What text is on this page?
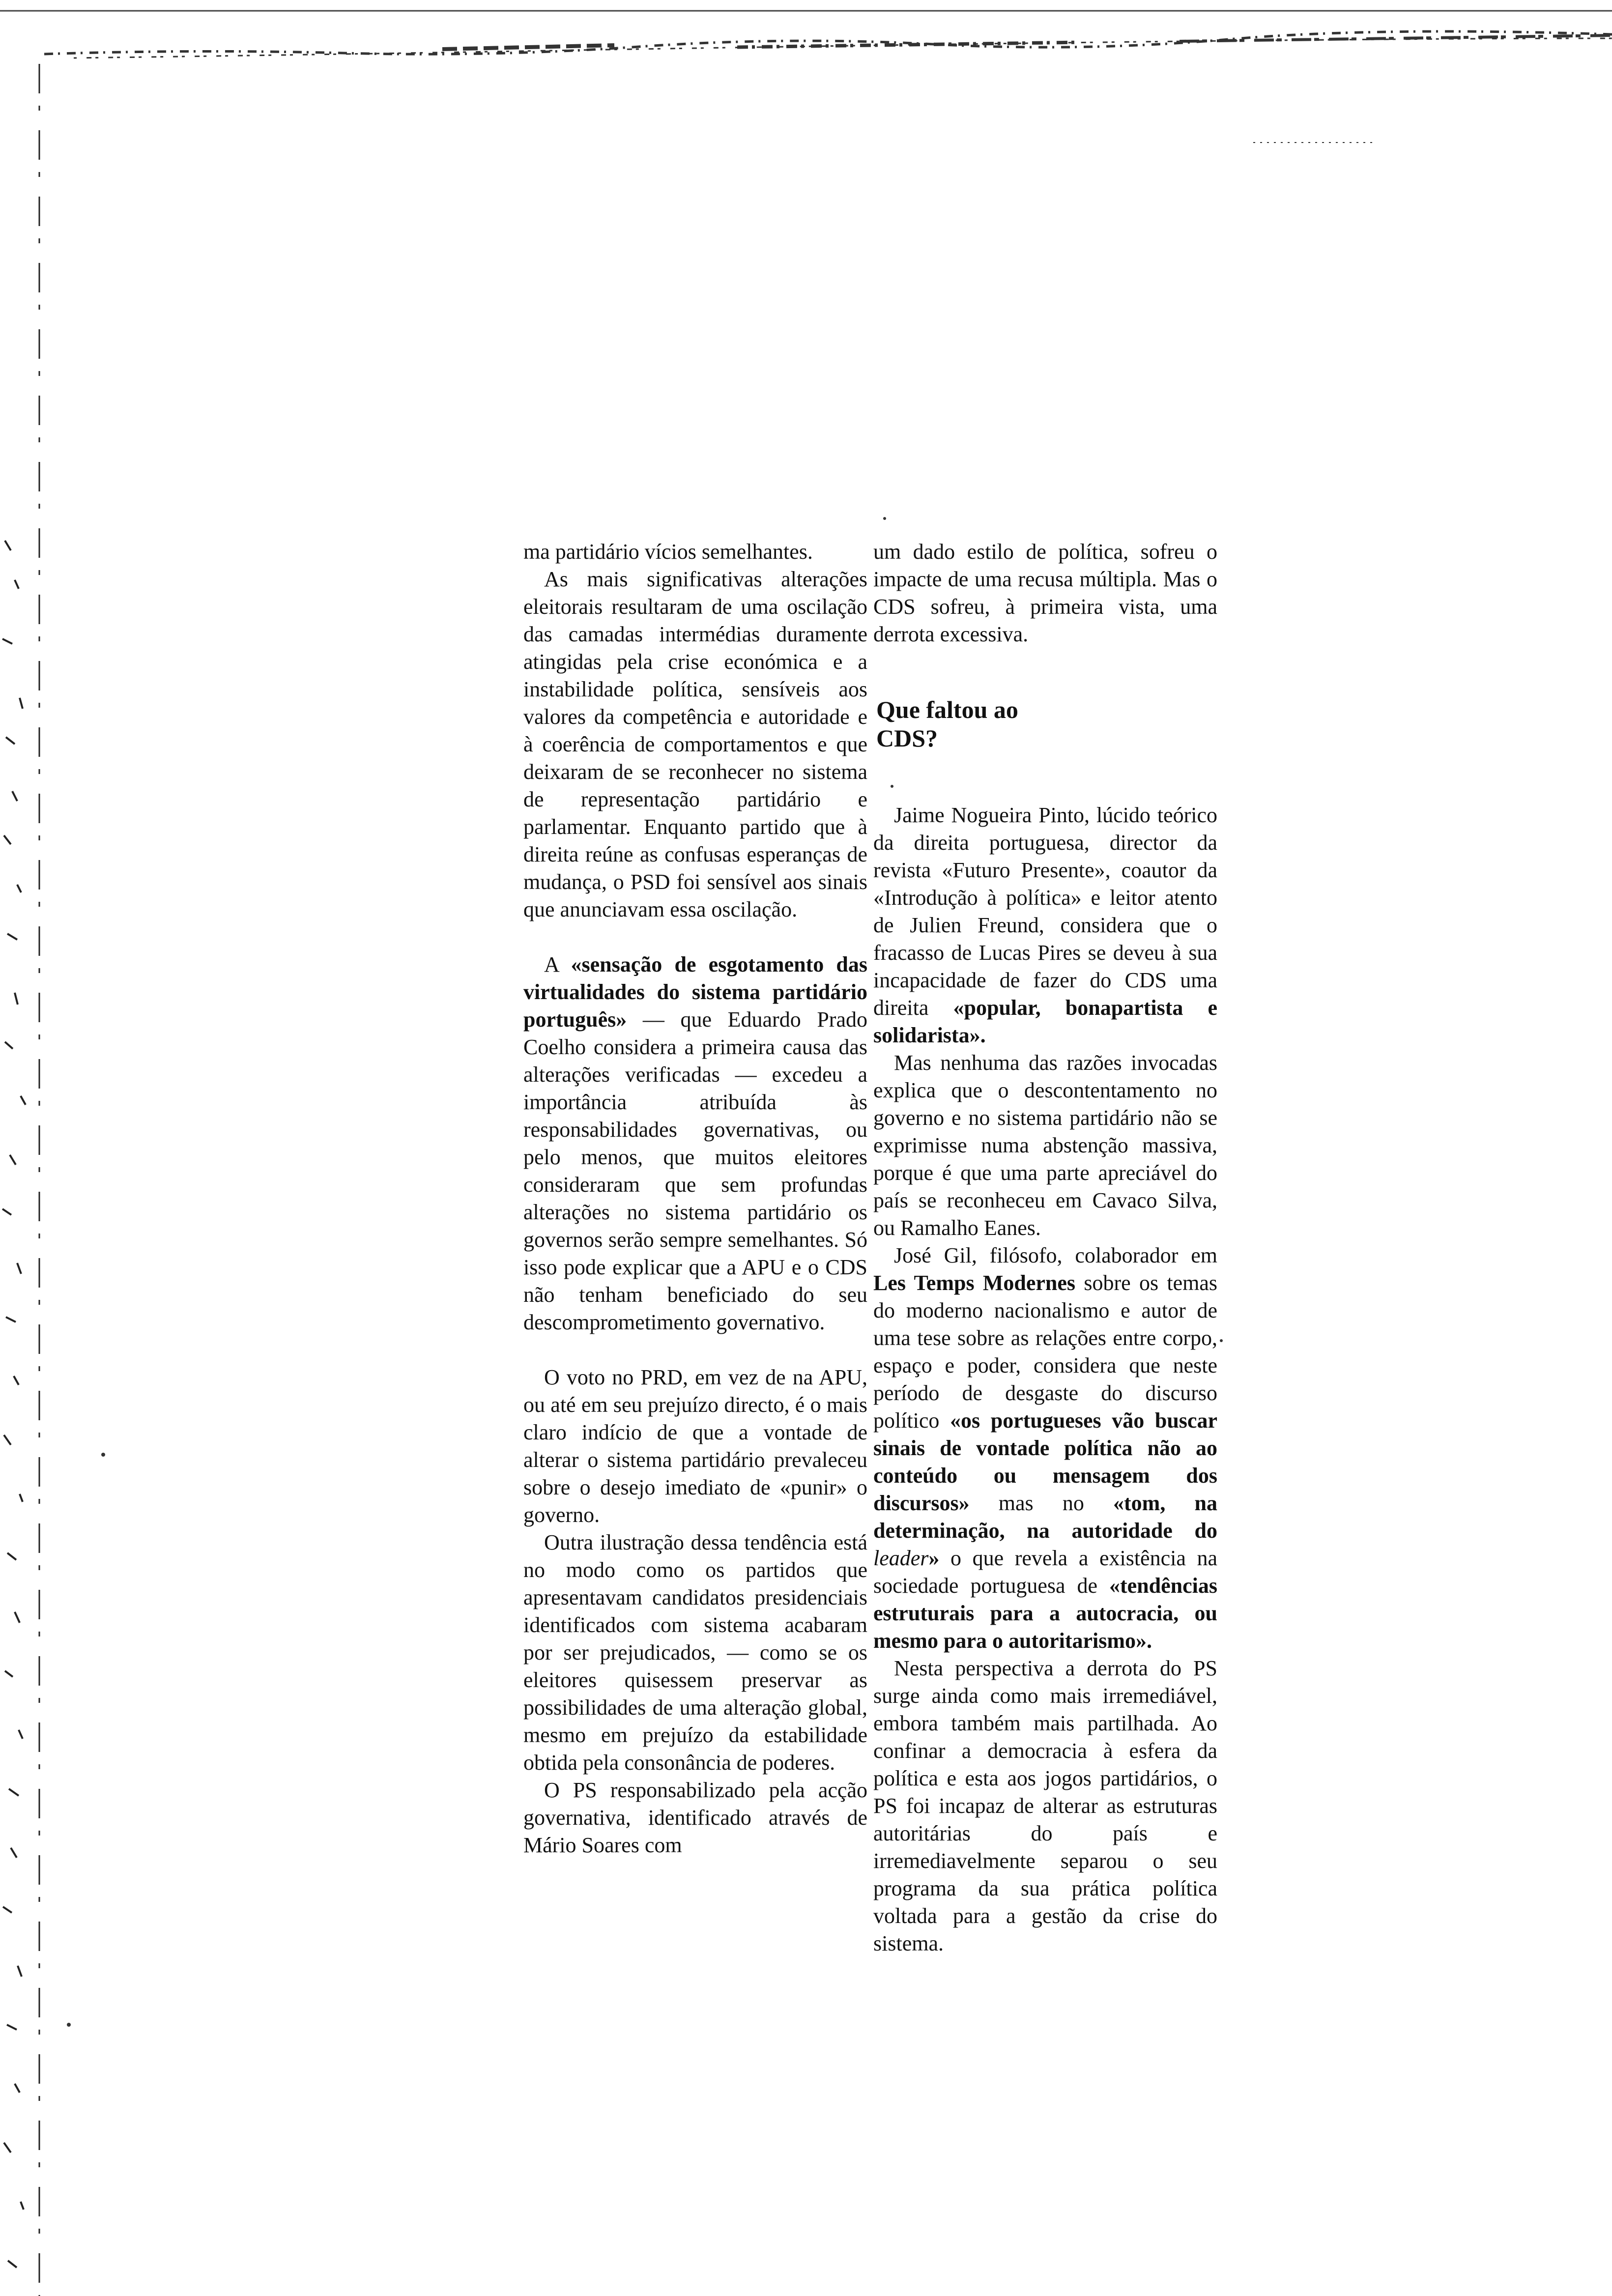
ma partidário vícios semelhantes.

As mais significativas alterações eleitorais resultaram de uma oscilação das camadas intermédias duramente atingidas pela crise económica e a instabilidade política, sensíveis aos valores da competência e autoridade e à coerência de comportamentos e que deixaram de se reconhecer no sistema de representação partidário e parlamentar. Enquanto partido que à direita reúne as confusas esperanças de mudança, o PSD foi sensível aos sinais que anunciavam essa oscilação.

A «sensação de esgotamento das virtualidades do sistema partidário português» — que Eduardo Prado Coelho considera a primeira causa das alterações verificadas — excedeu a importância atribuída às responsabilidades governativas, ou pelo menos, que muitos eleitores consideraram que sem profundas alterações no sistema partidário os governos serão sempre semelhantes. Só isso pode explicar que a APU e o CDS não tenham beneficiado do seu descomprometimento governativo.

O voto no PRD, em vez de na APU, ou até em seu prejuízo directo, é o mais claro indício de que a vontade de alterar o sistema partidário prevaleceu sobre o desejo imediato de «punir» o governo.

Outra ilustração dessa tendência está no modo como os partidos que apresentavam candidatos presidenciais identificados com sistema acabaram por ser prejudicados, — como se os eleitores quisessem preservar as possibilidades de uma alteração global, mesmo em prejuízo da estabilidade obtida pela consonância de poderes.

O PS responsabilizado pela acção governativa, identificado através de Mário Soares com

um dado estilo de política, sofreu o impacte de uma recusa múltipla. Mas o CDS sofreu, à primeira vista, uma derrota excessiva.

Que faltou ao CDS?

Jaime Nogueira Pinto, lúcido teórico da direita portuguesa, director da revista «Futuro Presente», coautor da «Introdução à política» e leitor atento de Julien Freund, considera que o fracasso de Lucas Pires se deveu à sua incapacidade de fazer do CDS uma direita «popular, bonapartista e solidarista».

Mas nenhuma das razões invocadas explica que o descontentamento no governo e no sistema partidário não se exprimisse numa abstenção massiva, porque é que uma parte apreciável do país se reconheceu em Cavaco Silva, ou Ramalho Eanes.

José Gil, filósofo, colaborador em Les Temps Modernes sobre os temas do moderno nacionalismo e autor de uma tese sobre as relações entre corpo, espaço e poder, considera que neste período de desgaste do discurso político «os portugueses vão buscar sinais de vontade política não ao conteúdo ou mensagem dos discursos» mas no «tom, na determinação, na autoridade do leader» o que revela a existência na sociedade portuguesa de «tendências estruturais para a autocracia, ou mesmo para o autoritarismo».

Nesta perspectiva a derrota do PS surge ainda como mais irremediável, embora também mais partilhada. Ao confinar a democracia à esfera da política e esta aos jogos partidários, o PS foi incapaz de alterar as estruturas autoritárias do país e irremediavelmente separou o seu programa da sua prática política voltada para a gestão da crise do sistema.
